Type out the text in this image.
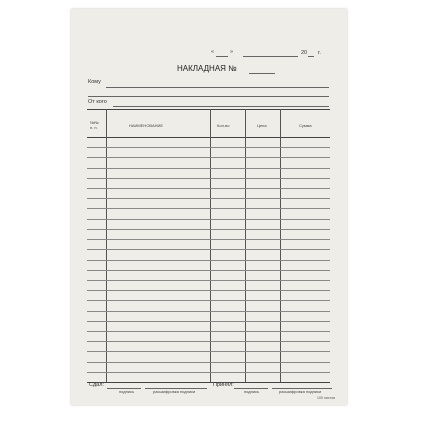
«	»	20 г.
НАКЛАДНАЯ №
Кому
От кого
№№
п. п.	НАИМЕНОВАНИЕ	Кол-во	Цена	Сумма
Сдал:
подпись	расшифровка подписи
Принял:
подпись	расшифровка подписи
100 листов
